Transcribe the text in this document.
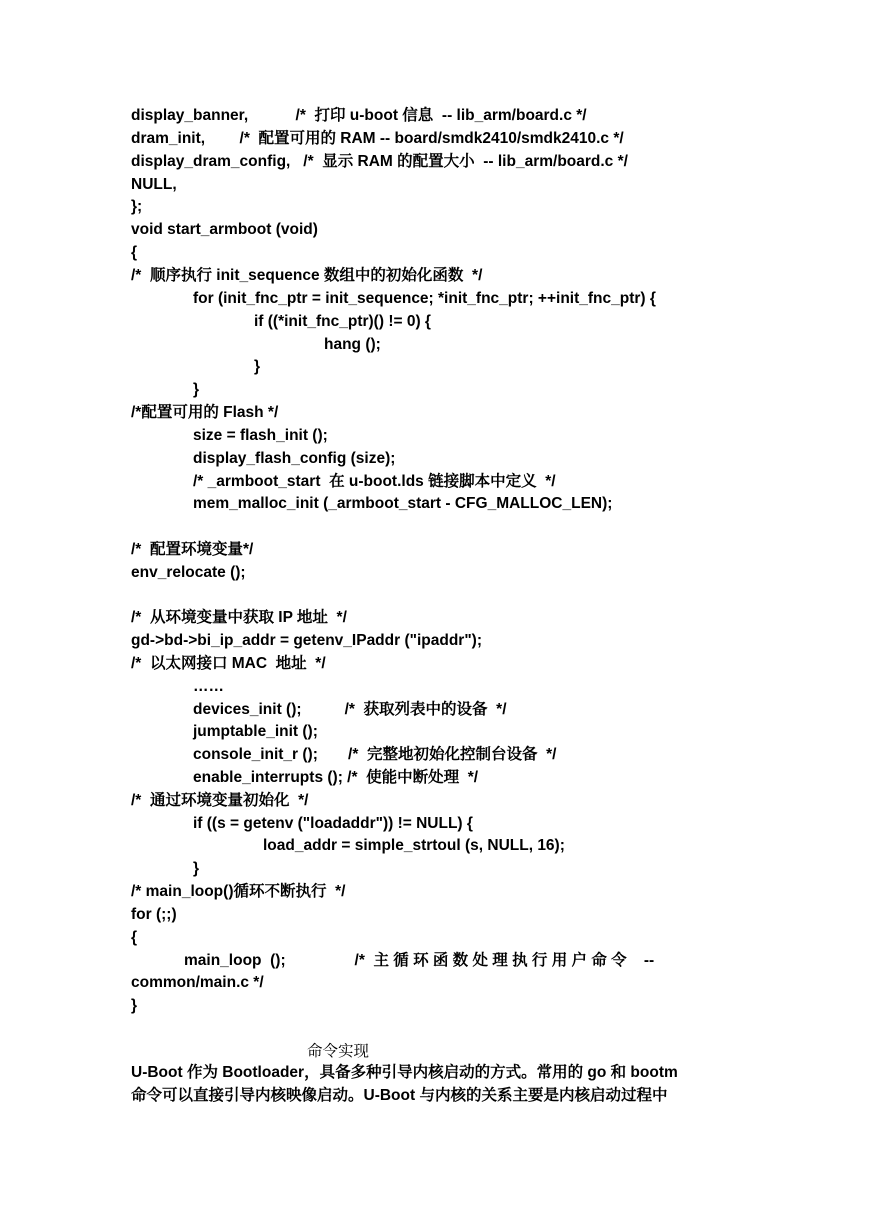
display_banner,           /*  打印 u-boot 信息  -- lib_arm/board.c */
dram_init,        /*  配置可用的 RAM -- board/smdk2410/smdk2410.c */
display_dram_config,   /*  显示 RAM 的配置大小  -- lib_arm/board.c */
NULL,
};
void start_armboot (void)
{
/*  顺序执行 init_sequence 数组中的初始化函数  */
for (init_fnc_ptr = init_sequence; *init_fnc_ptr; ++init_fnc_ptr) {
if ((*init_fnc_ptr)() != 0) {
hang ();
}
}
/*配置可用的 Flash */
size = flash_init ();
display_flash_config (size);
/* _armboot_start  在 u-boot.lds 链接脚本中定义  */
mem_malloc_init (_armboot_start - CFG_MALLOC_LEN);
/*  配置环境变量*/
env_relocate ();
/*  从环境变量中获取 IP 地址  */
gd->bd->bi_ip_addr = getenv_IPaddr ("ipaddr");
/*  以太网接口 MAC  地址  */
……
devices_init ();          /*  获取列表中的设备  */
jumptable_init ();
console_init_r ();       /*  完整地初始化控制台设备  */
enable_interrupts (); /*  使能中断处理  */
/*  通过环境变量初始化  */
if ((s = getenv ("loadaddr")) != NULL) {
load_addr = simple_strtoul (s, NULL, 16);
}
/* main_loop()循环不断执行  */
for (;;)
{
main_loop  ();                /*  主 循 环 函 数 处 理 执 行 用 户 命 令    --
common/main.c */
}
命令实现
U-Boot 作为 Bootloader，具备多种引导内核启动的方式。常用的 go 和 bootm
命令可以直接引导内核映像启动。U-Boot 与内核的关系主要是内核启动过程中
